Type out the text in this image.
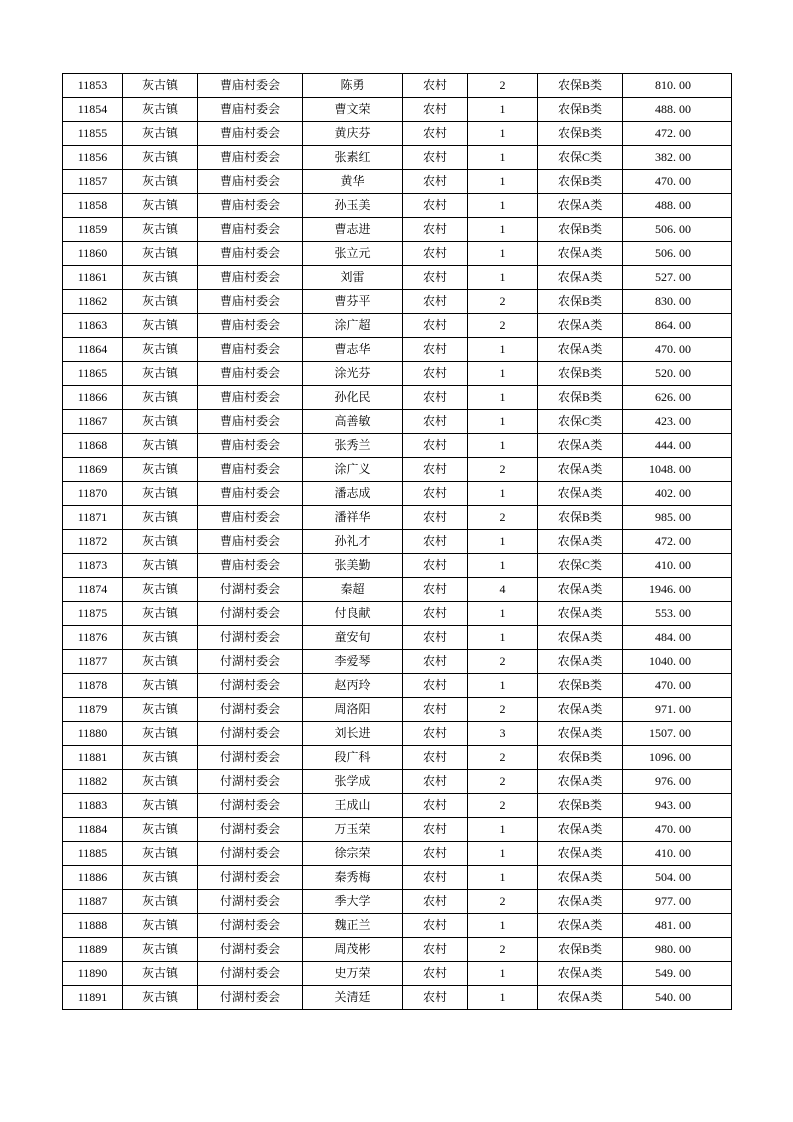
11853	灰古镇	曹庙村委会	陈勇	农村	2	农保B类	810. 00
11854	灰古镇	曹庙村委会	曹文荣	农村	1	农保B类	488. 00
11855	灰古镇	曹庙村委会	黄庆芬	农村	1	农保B类	472. 00
11856	灰古镇	曹庙村委会	张素红	农村	1	农保C类	382. 00
11857	灰古镇	曹庙村委会	黄华	农村	1	农保B类	470. 00
11858	灰古镇	曹庙村委会	孙玉美	农村	1	农保A类	488. 00
11859	灰古镇	曹庙村委会	曹志进	农村	1	农保B类	506. 00
11860	灰古镇	曹庙村委会	张立元	农村	1	农保A类	506. 00
11861	灰古镇	曹庙村委会	刘雷	农村	1	农保A类	527. 00
11862	灰古镇	曹庙村委会	曹芬平	农村	2	农保B类	830. 00
11863	灰古镇	曹庙村委会	涂广超	农村	2	农保A类	864. 00
11864	灰古镇	曹庙村委会	曹志华	农村	1	农保A类	470. 00
11865	灰古镇	曹庙村委会	涂光芬	农村	1	农保B类	520. 00
11866	灰古镇	曹庙村委会	孙化民	农村	1	农保B类	626. 00
11867	灰古镇	曹庙村委会	高善敏	农村	1	农保C类	423. 00
11868	灰古镇	曹庙村委会	张秀兰	农村	1	农保A类	444. 00
11869	灰古镇	曹庙村委会	涂广义	农村	2	农保A类	1048. 00
11870	灰古镇	曹庙村委会	潘志成	农村	1	农保A类	402. 00
11871	灰古镇	曹庙村委会	潘祥华	农村	2	农保B类	985. 00
11872	灰古镇	曹庙村委会	孙礼才	农村	1	农保A类	472. 00
11873	灰古镇	曹庙村委会	张美勤	农村	1	农保C类	410. 00
11874	灰古镇	付湖村委会	秦超	农村	4	农保A类	1946. 00
11875	灰古镇	付湖村委会	付良献	农村	1	农保A类	553. 00
11876	灰古镇	付湖村委会	童安旬	农村	1	农保A类	484. 00
11877	灰古镇	付湖村委会	李爱琴	农村	2	农保A类	1040. 00
11878	灰古镇	付湖村委会	赵丙玲	农村	1	农保B类	470. 00
11879	灰古镇	付湖村委会	周洛阳	农村	2	农保A类	971. 00
11880	灰古镇	付湖村委会	刘长进	农村	3	农保A类	1507. 00
11881	灰古镇	付湖村委会	段广科	农村	2	农保B类	1096. 00
11882	灰古镇	付湖村委会	张学成	农村	2	农保A类	976. 00
11883	灰古镇	付湖村委会	王成山	农村	2	农保B类	943. 00
11884	灰古镇	付湖村委会	万玉荣	农村	1	农保A类	470. 00
11885	灰古镇	付湖村委会	徐宗荣	农村	1	农保A类	410. 00
11886	灰古镇	付湖村委会	秦秀梅	农村	1	农保A类	504. 00
11887	灰古镇	付湖村委会	季大学	农村	2	农保A类	977. 00
11888	灰古镇	付湖村委会	魏正兰	农村	1	农保A类	481. 00
11889	灰古镇	付湖村委会	周茂彬	农村	2	农保B类	980. 00
11890	灰古镇	付湖村委会	史万荣	农村	1	农保A类	549. 00
11891	灰古镇	付湖村委会	关清廷	农村	1	农保A类	540. 00
